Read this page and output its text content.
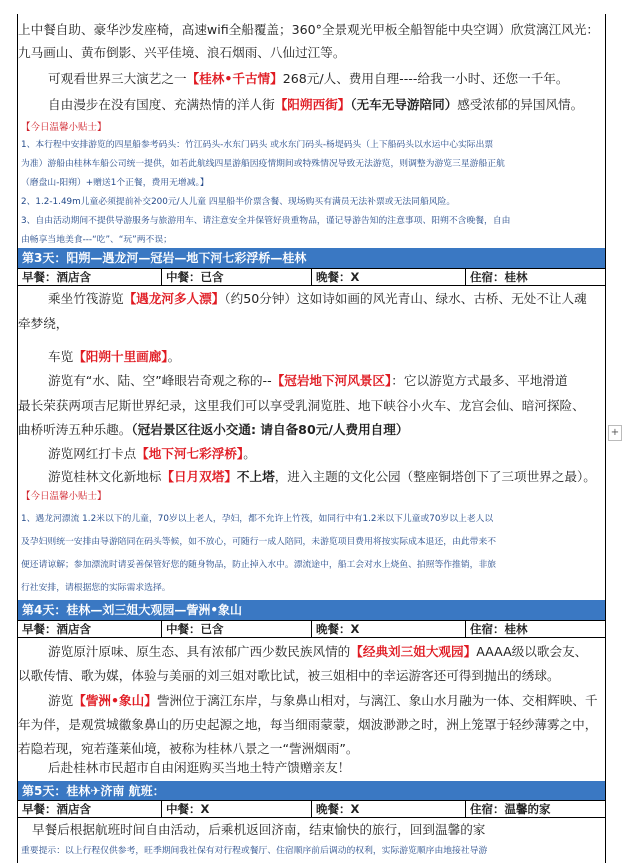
上中餐自助、豪华沙发座椅，高速wifi全船覆盖；360°全景观光甲板全船智能中央空调）欣赏漓江风光：
九马画山、黄布倒影、兴平佳境、浪石烟雨、八仙过江等。
可观看世界三大演艺之一【桂林•千古情】268元/人、费用自理----给我一小时、还您一千年。
自由漫步在没有国度、充满热情的洋人街【阳朔西街】（无车无导游陪同）感受浓郁的异国风情。
【今日温馨小贴士】
1、本行程中安排游览的四星船参考码头：竹江码头-水东门码头 或水东门码头-杨堤码头（上下船码头以水运中心实际出票
为准）游船由桂林车船公司统一提供，如若此航线四星游船因疫情期间或特殊情况导致无法游览，则调整为游览三星游船正航
（磨盘山-阳朔）+赠送1个正餐，费用无增减。】
2、1.2-1.49m儿童必须提前补交200元/人儿童 四星船半价票含餐、现场购买有满员无法补票或无法同船风险。
3、自由活动期间不提供导游服务与旅游用车、请注意安全并保管好贵重物品，谨记导游告知的注意事项、阳朔不含晚餐，自由
由畅享当地美食---“吃”、“玩”两不误；
第3天：阳朔—遇龙河—冠岩—地下河七彩浮桥—桂林
早餐：酒店含	中餐：已含	晚餐：X	住宿：桂林
乘坐竹筏游览【遇龙河多人漂】（约50分钟）这如诗如画的风光青山、绿水、古桥、无处不让人魂
牵梦绕，
车览【阳朔十里画廊】。
游览有“水、陆、空”峰眼岩奇观之称的--【冠岩地下河风景区】：它以游览方式最多、平地滑道
最长荣获两项吉尼斯世界纪录，这里我们可以享受乳洞览胜、地下峡谷小火车、龙宫会仙、暗河探险、
曲桥听涛五种乐趣。（冠岩景区往返小交通: 请自备80元/人费用自理）
游览网红打卡点【地下河七彩浮桥】。
游览桂林文化新地标【日月双塔】不上塔，进入主题的文化公园（整座铜塔创下了三项世界之最）。
【今日温馨小贴士】
1、遇龙河漂流 1.2米以下的儿童，70岁以上老人，孕妇，都不允许上竹筏，如同行中有1.2米以下儿童或70岁以上老人以
及孕妇则统一安排由导游陪同在码头等候，如不放心，可随行一成人陪同，未游览项目费用将按实际成本退还，由此带来不
便还请谅解；参加漂流时请妥善保管好您的随身物品，防止掉入水中。漂流途中，船工会对水上烧鱼、拍照等作推销，非旅
行社安排，请根据您的实际需求选择。
第4天：桂林—刘三姐大观园—訾洲•象山
早餐：酒店含	中餐：已含	晚餐：X	住宿：桂林
游览原汁原味、原生态、具有浓郁广西少数民族风情的【经典刘三姐大观园】AAAA级以歌会友、
以歌传情、歌为媒，体验与美丽的刘三姐对歌比试，被三姐相中的幸运游客还可得到抛出的绣球。
游览【訾洲•象山】訾洲位于漓江东岸，与象鼻山相对，与漓江、象山水月融为一体、交相辉映、千
年为伴，是观赏城徽象鼻山的历史起源之地，每当细雨蒙蒙，烟波渺渺之时，洲上笼罩于轻纱薄雾之中，
若隐若现，宛若蓬莱仙境，被称为桂林八景之一“訾洲烟雨”。
后赴桂林市民超市自由闲逛购买当地土特产馈赠亲友！
第5天：桂林✈济南 航班：
早餐：酒店含	中餐：X	晚餐：X	住宿：温馨的家
早餐后根据航班时间自由活动，后乘机返回济南，结束愉快的旅行，回到温馨的家
重要提示：以上行程仅供参考，旺季期间我社保有对行程或餐厅、住宿顺序前后调动的权利，实际游览顺序由地接社导游
+
